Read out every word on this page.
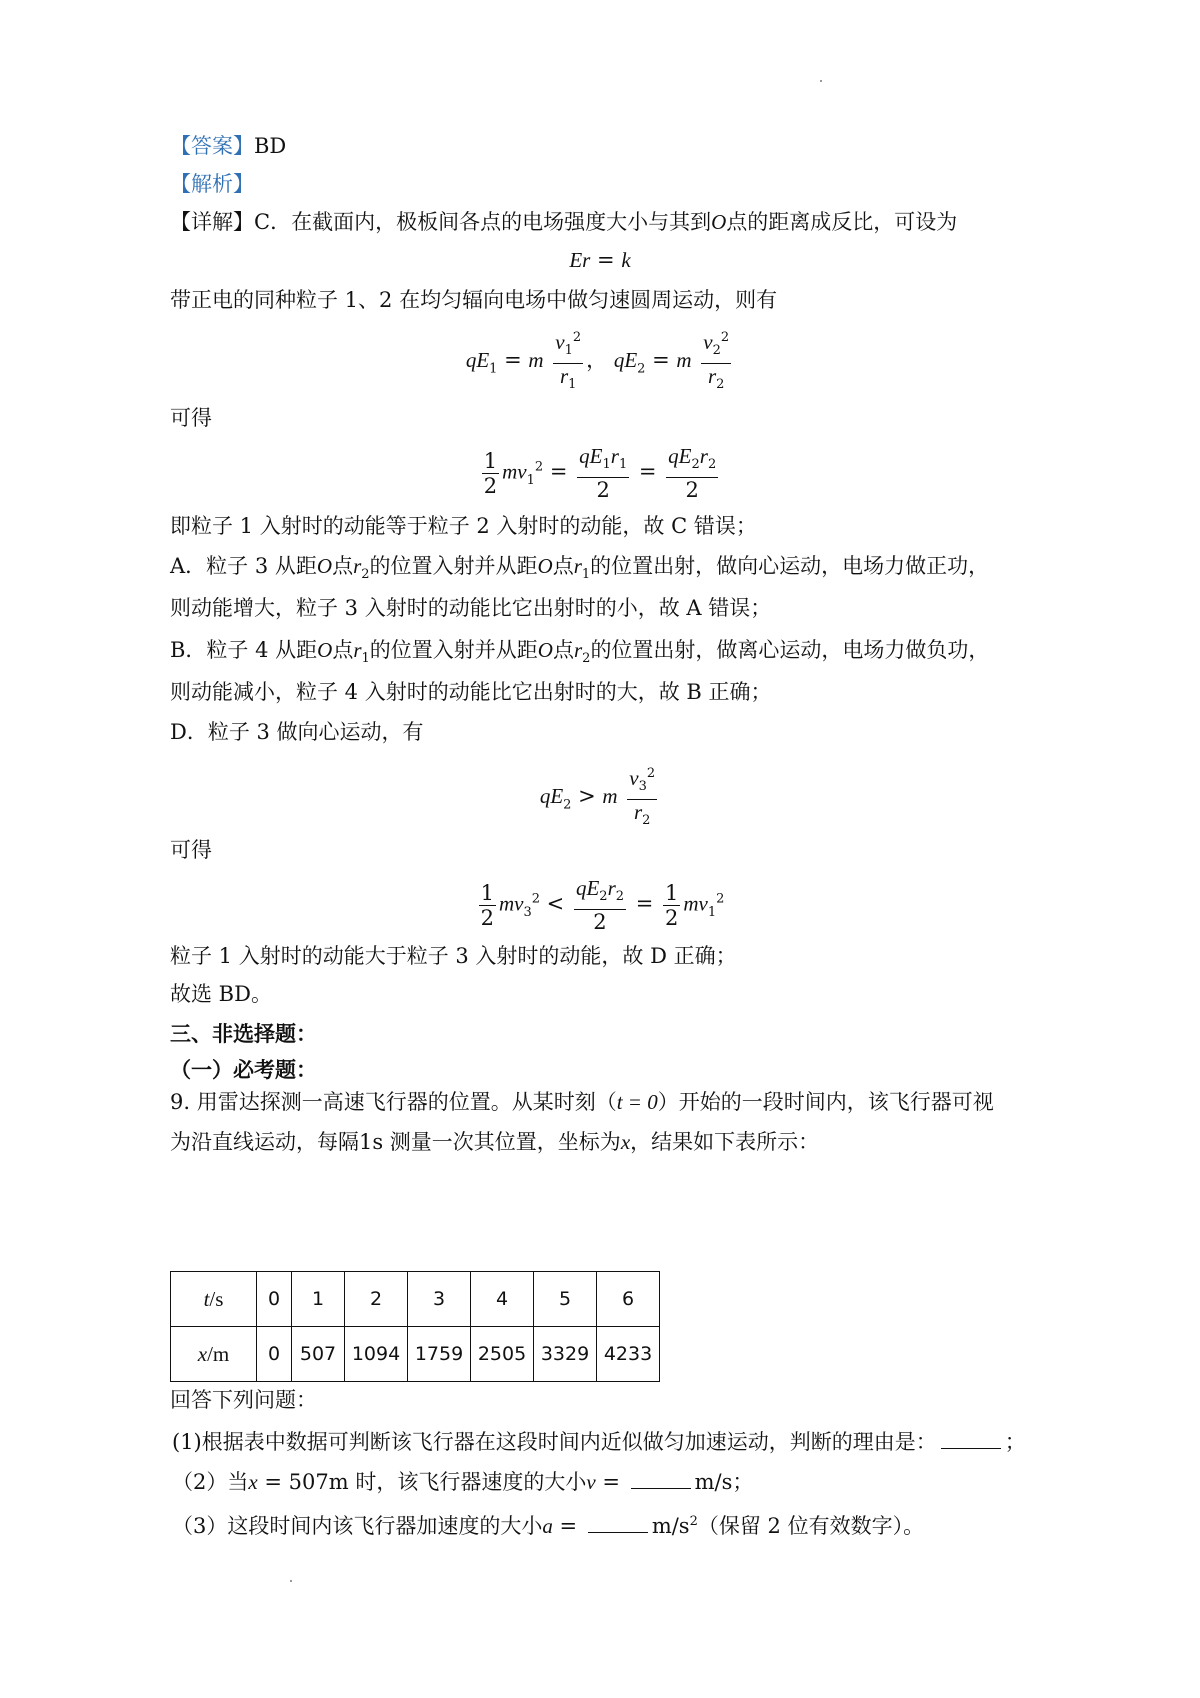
【答案】BD
【解析】
【详解】C．在截面内，极板间各点的电场强度大小与其到O点的距离成反比，可设为
Er = k
带正电的同种粒子 1、2 在均匀辐向电场中做匀速圆周运动，则有
$qE_1 = m \frac{v_1^2}{r_1}$ ， $qE_2 = m \frac{v_2^2}{r_2}$
可得
$\frac{1}{2} mv_1^2 = \frac{qE_1r_1}{2} = \frac{qE_2r_2}{2}$
即粒子 1 入射时的动能等于粒子 2 入射时的动能，故 C 错误；
A．粒子 3 从距O点$r_2$的位置入射并从距O点$r_1$的位置出射，做向心运动，电场力做正功，
则动能增大，粒子 3 入射时的动能比它出射时的小，故 A 错误；
B．粒子 4 从距O点$r_1$的位置入射并从距O点$r_2$的位置出射，做离心运动，电场力做负功，
则动能减小，粒子 4 入射时的动能比它出射时的大，故 B 正确；
D．粒子 3 做向心运动，有
$qE_2 > m \frac{v_3^2}{r_2}$
可得
$\frac{1}{2} mv_3^2 < \frac{qE_2r_2}{2} = \frac{1}{2} mv_1^2$
粒子 1 入射时的动能大于粒子 3 入射时的动能，故 D 正确；
故选 BD。
三、非选择题：
（一）必考题：
9. 用雷达探测一高速飞行器的位置。从某时刻（t = 0）开始的一段时间内，该飞行器可视
为沿直线运动，每隔1s 测量一次其位置，坐标为x，结果如下表所示：
t/s	0	1	2	3	4	5	6
x/m	0	507	1094	1759	2505	3329	4233
回答下列问题：
(1)根据表中数据可判断该飞行器在这段时间内近似做匀加速运动，判断的理由是：	；
（2）当x = 507m 时，该飞行器速度的大小v =	m/s；
（3）这段时间内该飞行器加速度的大小a =	$m/s^2$（保留 2 位有效数字）。
